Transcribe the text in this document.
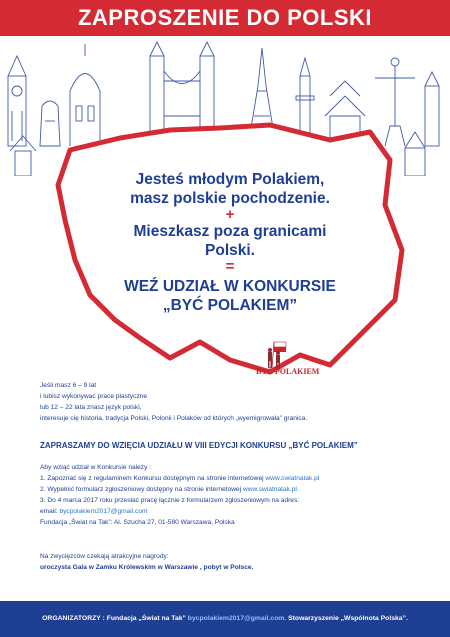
ZAPROSZENIE DO POLSKI
Jesteś młodym Polakiem,
masz polskie pochodzenie.
+
Mieszkasz poza granicami
Polski.
=
WEŹ UDZIAŁ W KONKURSIE
„BYĆ POLAKIEM”
BYĆ POLAKIEM
Jeśli masz 6 – 9 lat
i lubisz wykonywać prace plastyczne
lub 12 – 22 lata znasz język polski,
interesuje cię historia, tradycja Polski, Polonii i Polaków od których „wyemigrowała” granica.
ZAPRASZAMY DO WZIĘCIA UDZIAŁU W VIII EDYCJI KONKURSU „BYĆ POLAKIEM”
Aby wziąć udział w Konkursie należy :
1. Zapoznać się z regulaminem Konkursu dostępnym na stronie internetowej www.swiatnatak.pl
2. Wypełnić formularz zgłoszeniowy dostępny na stronie internetowej www.swiatnatak.pl.
3. Do 4 marca 2017 roku przesłać pracę łącznie z formularzem zgłoszeniowym na adres:
email: bycpolakiem2017@gmail.com
Fundacja „Świat na Tak”: Al. Szucha 27, 01-580 Warszawa, Polska
Na zwycięzców czekają atrakcyjne nagrody:
uroczysta Gala w Zamku Królewskim w Warszawie , pobyt w Polsce.
ORGANIZATORZY : Fundacja „Świat na Tak” bycpolakiem2017@gmail.com. Stowarzyszenie „Wspólnota Polska”.
